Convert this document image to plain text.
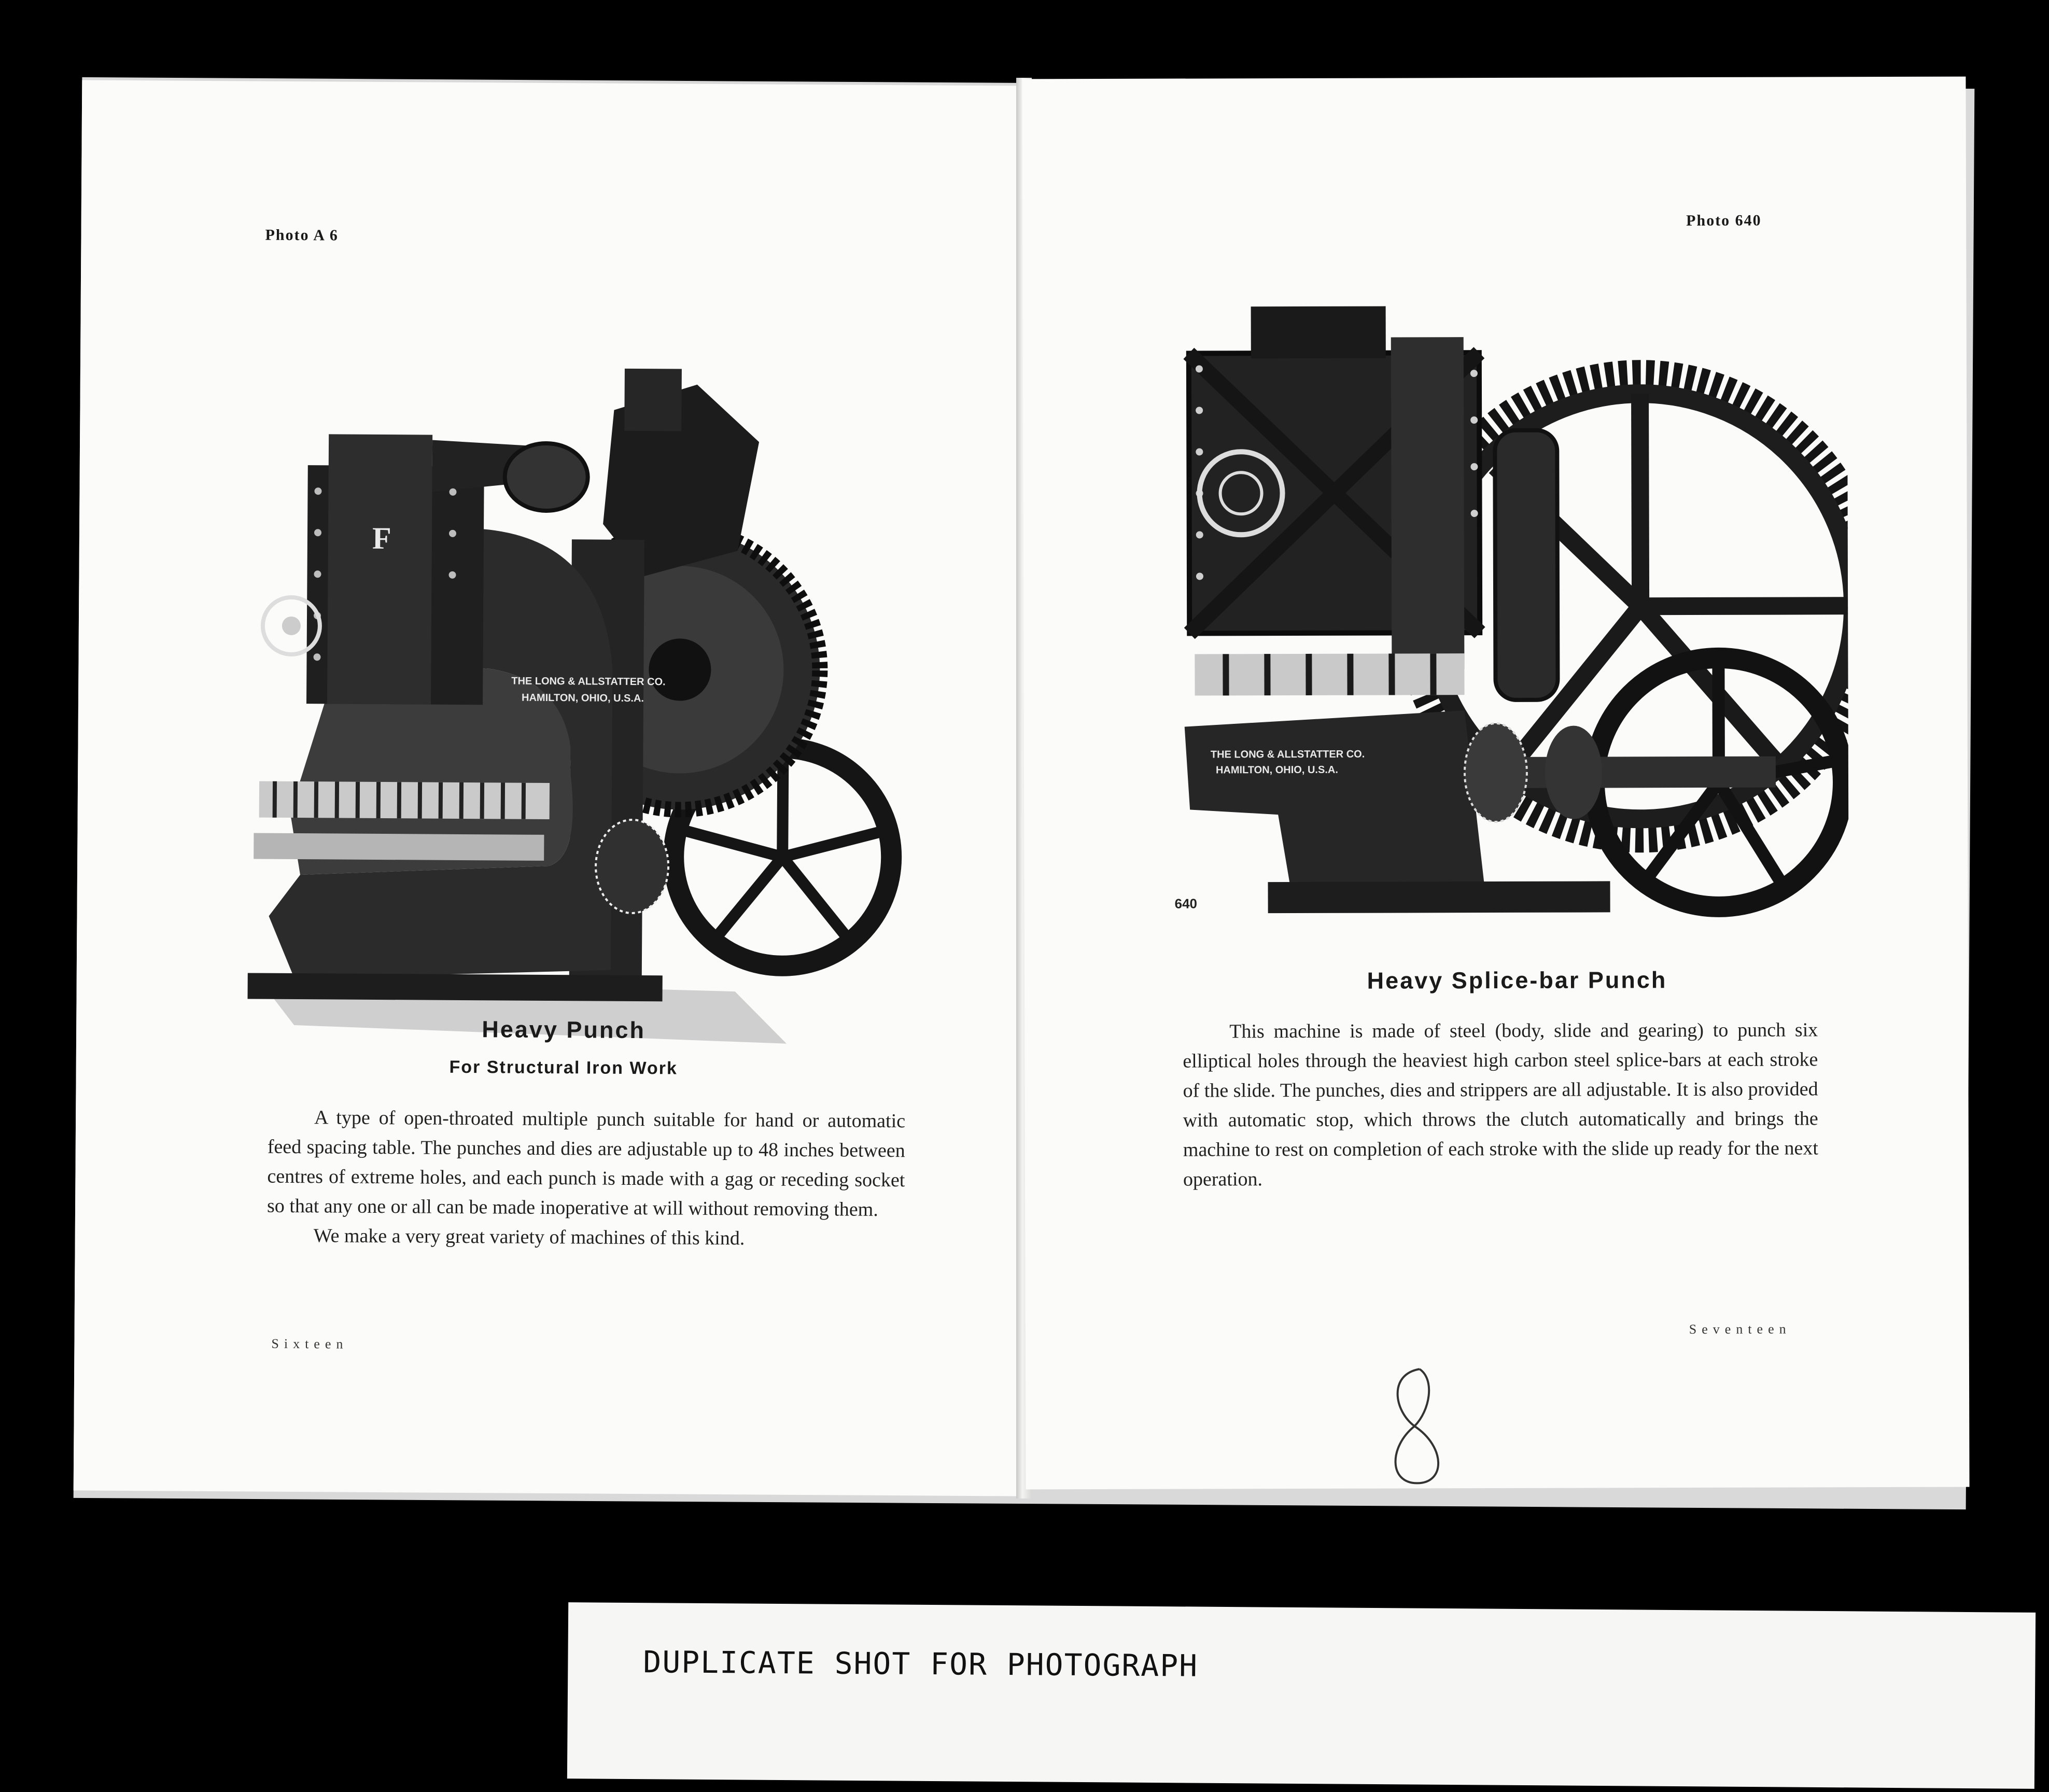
Photo A 6
F
THE LONG & ALLSTATTER CO.
HAMILTON, OHIO, U.S.A.
Heavy Punch
For Structural Iron Work

A type of open-throated multiple punch suitable for hand or automatic feed spacing table. The punches and dies are adjustable up to 48 inches between centres of extreme holes, and each punch is made with a gag or receding socket so that any one or all can be made inoperative at will without removing them.

We make a very great variety of machines of this kind.

Sixteen
Photo 640
THE LONG & ALLSTATTER CO.
HAMILTON, OHIO, U.S.A.
640
Heavy Splice-bar Punch

This machine is made of steel (body, slide and gearing) to punch six elliptical holes through the heaviest high carbon steel splice-bars at each stroke of the slide. The punches, dies and strippers are all adjustable. It is also provided with automatic stop, which throws the clutch automatically and brings the machine to rest on completion of each stroke with the slide up ready for the next operation.

Seventeen
DUPLICATE SHOT FOR PHOTOGRAPH
